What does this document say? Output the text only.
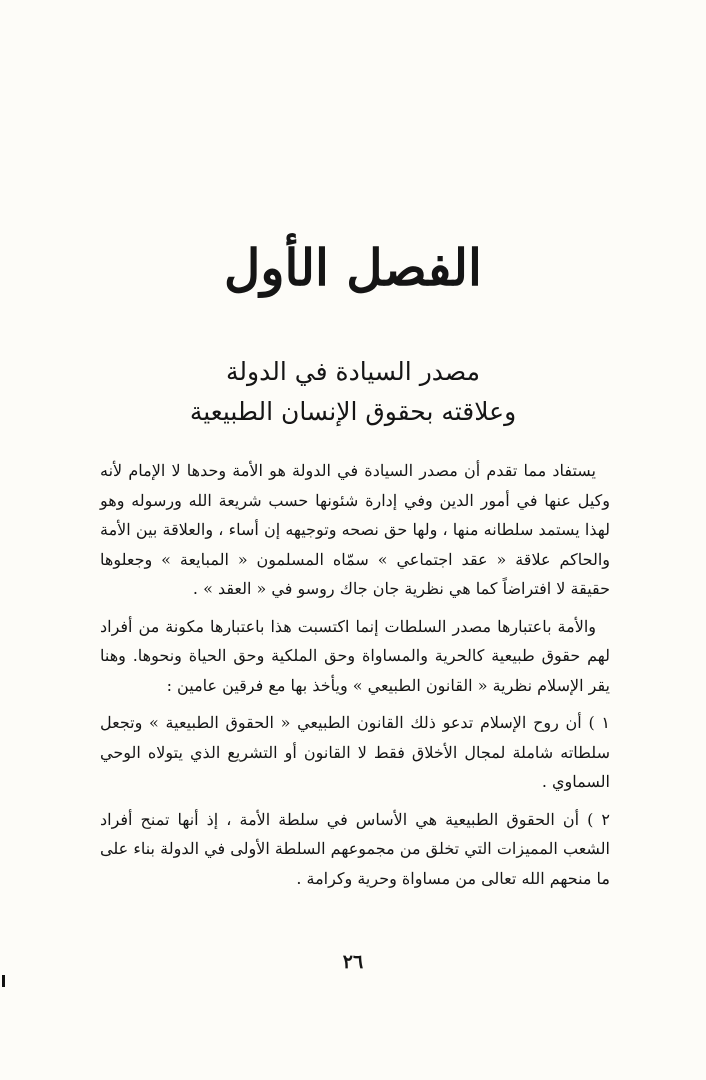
الفصل الأول
مصدر السيادة في الدولة
وعلاقته بحقوق الإنسان الطبيعية

يستفاد مما تقدم أن مصدر السيادة في الدولة هو الأمة وحدها لا الإمام لأنه وكيل عنها في أمور الدين وفي إدارة شئونها حسب شريعة الله ورسوله وهو لهذا يستمد سلطانه منها ، ولها حق نصحه وتوجيهه إن أساء ، والعلاقة بين الأمة والحاكم علاقة « عقد اجتماعي » سمّاه المسلمون « المبايعة » وجعلوها حقيقة لا افتراضاً كما هي نظرية جان جاك روسو في « العقد » .

والأمة باعتبارها مصدر السلطات إنما اكتسبت هذا باعتبارها مكونة من أفراد لهم حقوق طبيعية كالحرية والمساواة وحق الملكية وحق الحياة ونحوها. وهنا يقر الإسلام نظرية « القانون الطبيعي » ويأخذ بها مع فرقين عامين :

١ ) أن روح الإسلام تدعو ذلك القانون الطبيعي « الحقوق الطبيعية » وتجعل سلطاته شاملة لمجال الأخلاق فقط لا القانون أو التشريع الذي يتولاه الوحي السماوي .

٢ ) أن الحقوق الطبيعية هي الأساس في سلطة الأمة ، إذ أنها تمنح أفراد الشعب المميزات التي تخلق من مجموعهم السلطة الأولى في الدولة بناء على ما منحهم الله تعالى من مساواة وحرية وكرامة .

٢٦
